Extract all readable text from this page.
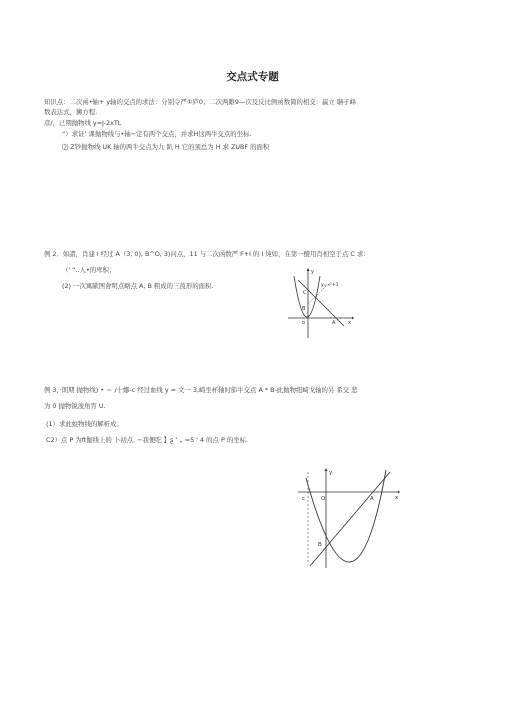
交点式专题
知识点：二次函•轴+ y轴的交点的求法：分别令严①庐0；二次两雎9—次及反比例函数简的相交：赢立 聃孑峰
数表达式，狮方程.
彦/，已期抛物线 y=J-2xTL
“）求证’ 课抛物线与•轴−定有两个交点，并求H这两牛交点的坐标.
⑵ Z钞抛物线 UK 轴的两牛交点为九 趴 H 它的顶总为 H 求 ZUBF 的面积
例 2．如謂，肖建 l 经过 A（3, 0), B^O, 3)问点，11 与二次函数严 F+l 的 I 炖如，在第一醍用肖相空于点 C 求：
（' “..人•的卑积；
(2) 一次寓歐图會明点略点 A, B 粗成的三莨形的面积.
y
y=x²+1
C
B
o	A	x
例 3，·朗期 抛物线) • ＝ /十娜-c 经过血线 y = 文一 3,崎坐杯轴时節牛交点 A * B-此抛物纽崎戈轴的另 希交 悲
为 0 抛物锐浚角宵 U.
(1）求此蛀物线的解析成；
C2）点 P 为ft伽线上的 卜初点. −我便吃 】ʂ ’ „ =5 ' 4 的点 P 的坐标.
y
c	O	A	x
B
